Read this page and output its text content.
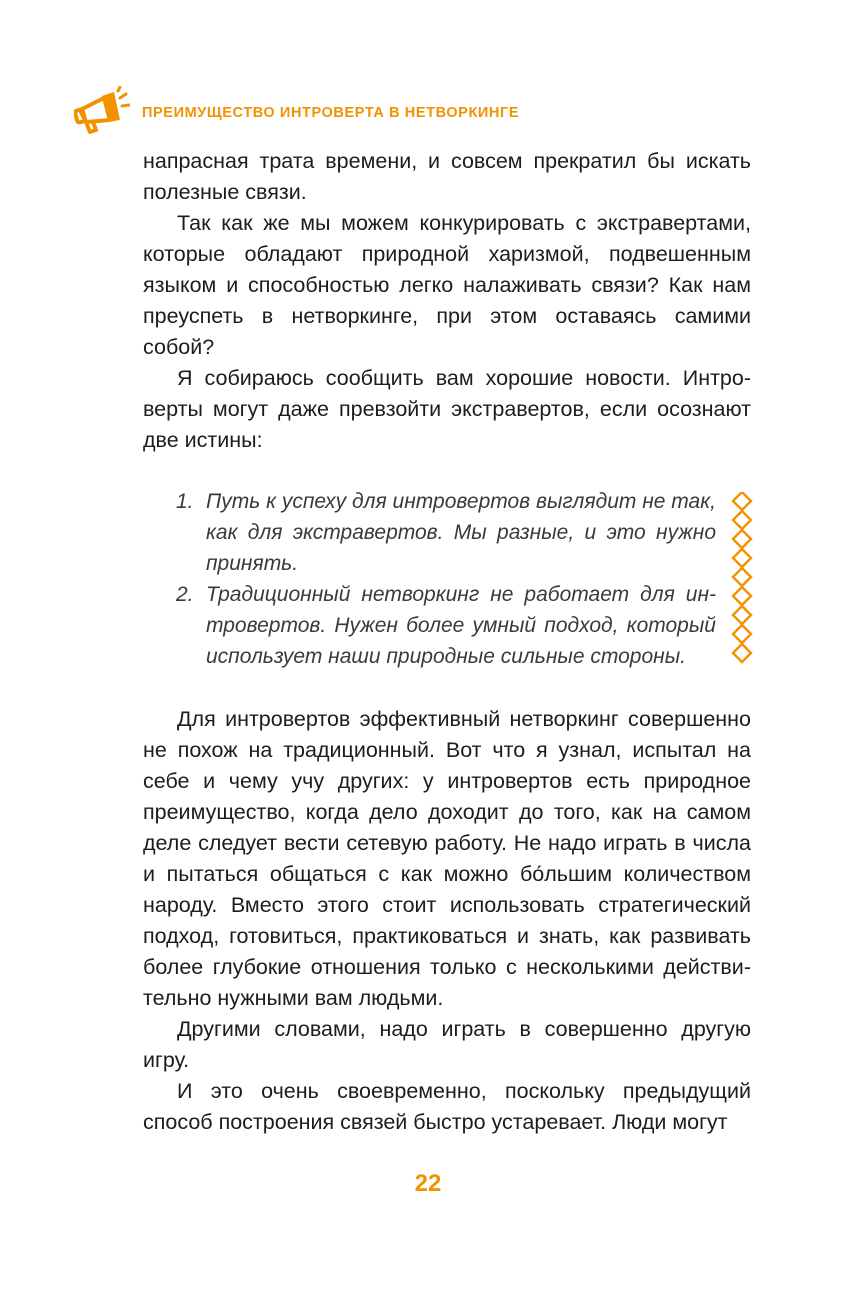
ПРЕИМУЩЕСТВО ИНТРОВЕРТА В НЕТВОРКИНГЕ

напрасная трата времени, и совсем прекратил бы искать полезные связи.

Так как же мы можем конкурировать с экстравертами, которые обладают природной харизмой, подвешенным языком и способностью легко налаживать связи? Как нам преуспеть в нетворкинге, при этом оставаясь самими собой?

Я собираюсь сообщить вам хорошие новости. Интроверты могут даже превзойти экстравертов, если осознают две истины:

1. Путь к успеху для интровертов выглядит не так, как для экстравертов. Мы разные, и это нужно принять.
2. Традиционный нетворкинг не работает для интровертов. Нужен более умный подход, который использует наши природные сильные стороны.

Для интровертов эффективный нетворкинг совершенно не похож на традиционный. Вот что я узнал, испытал на себе и чему учу других: у интровертов есть природное преимущество, когда дело доходит до того, как на самом деле следует вести сетевую работу. Не надо играть в числа и пытаться общаться с как можно бо́льшим количеством народу. Вместо этого стоит использовать стратегический подход, готовиться, практиковаться и знать, как развивать более глубокие отношения только с несколькими действительно нужными вам людьми.

Другими словами, надо играть в совершенно другую игру.

И это очень своевременно, поскольку предыдущий способ построения связей быстро устаревает. Люди могут

22
